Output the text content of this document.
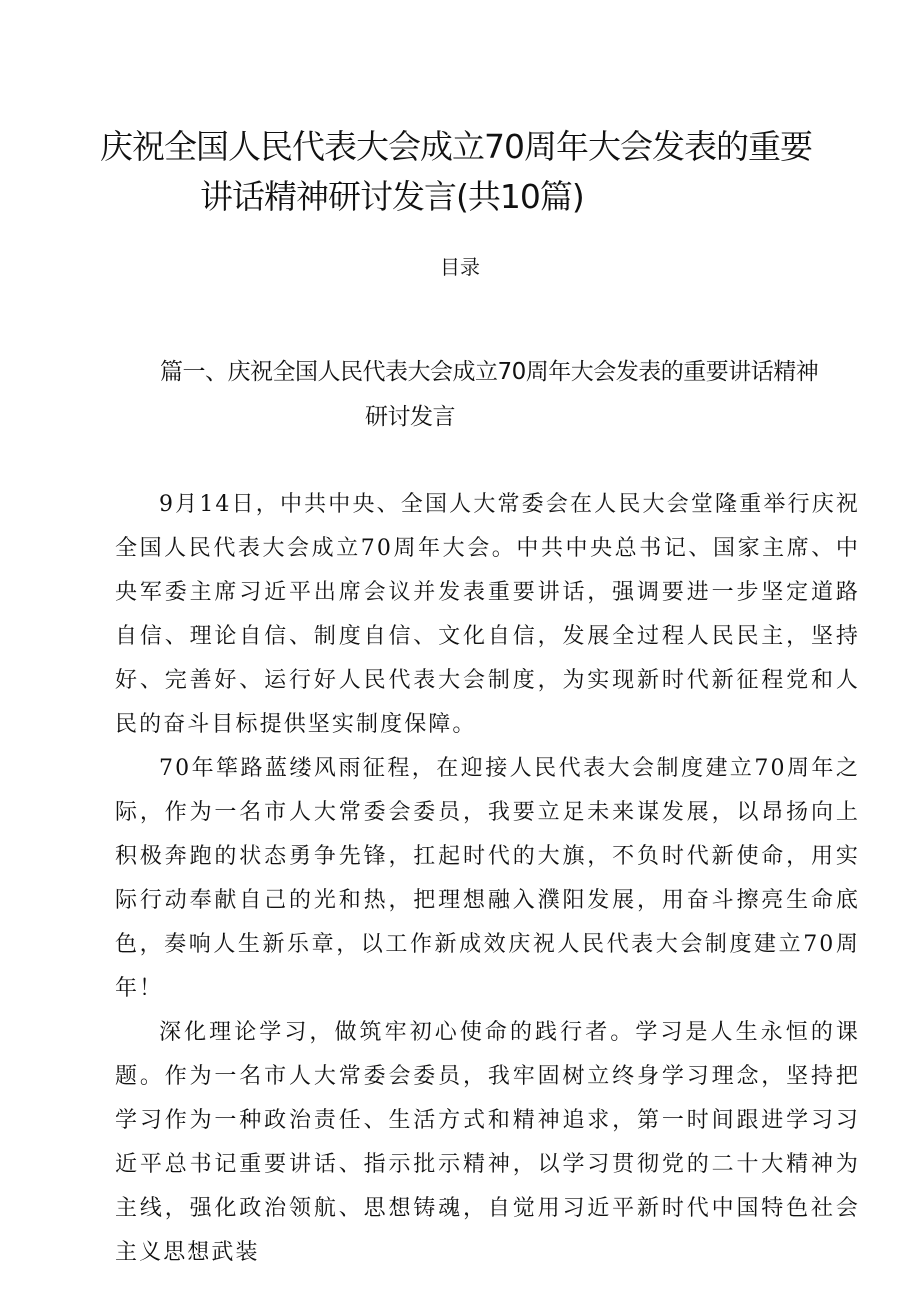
庆祝全国人民代表大会成立70周年大会发表的重要
讲话精神研讨发言(共10篇)
目录
篇一、庆祝全国人民代表大会成立70周年大会发表的重要讲话精神
研讨发言

9月14日，中共中央、全国人大常委会在人民大会堂隆重举行庆祝全国人民代表大会成立70周年大会。中共中央总书记、国家主席、中央军委主席习近平出席会议并发表重要讲话，强调要进一步坚定道路自信、理论自信、制度自信、文化自信，发展全过程人民民主，坚持好、完善好、运行好人民代表大会制度，为实现新时代新征程党和人民的奋斗目标提供坚实制度保障。

70年筚路蓝缕风雨征程，在迎接人民代表大会制度建立70周年之际，作为一名市人大常委会委员，我要立足未来谋发展，以昂扬向上积极奔跑的状态勇争先锋，扛起时代的大旗，不负时代新使命，用实际行动奉献自己的光和热，把理想融入濮阳发展，用奋斗擦亮生命底色，奏响人生新乐章，以工作新成效庆祝人民代表大会制度建立70周年！

深化理论学习，做筑牢初心使命的践行者。学习是人生永恒的课题。作为一名市人大常委会委员，我牢固树立终身学习理念，坚持把学习作为一种政治责任、生活方式和精神追求，第一时间跟进学习习近平总书记重要讲话、指示批示精神，以学习贯彻党的二十大精神为主线，强化政治领航、思想铸魂，自觉用习近平新时代中国特色社会主义思想武装
